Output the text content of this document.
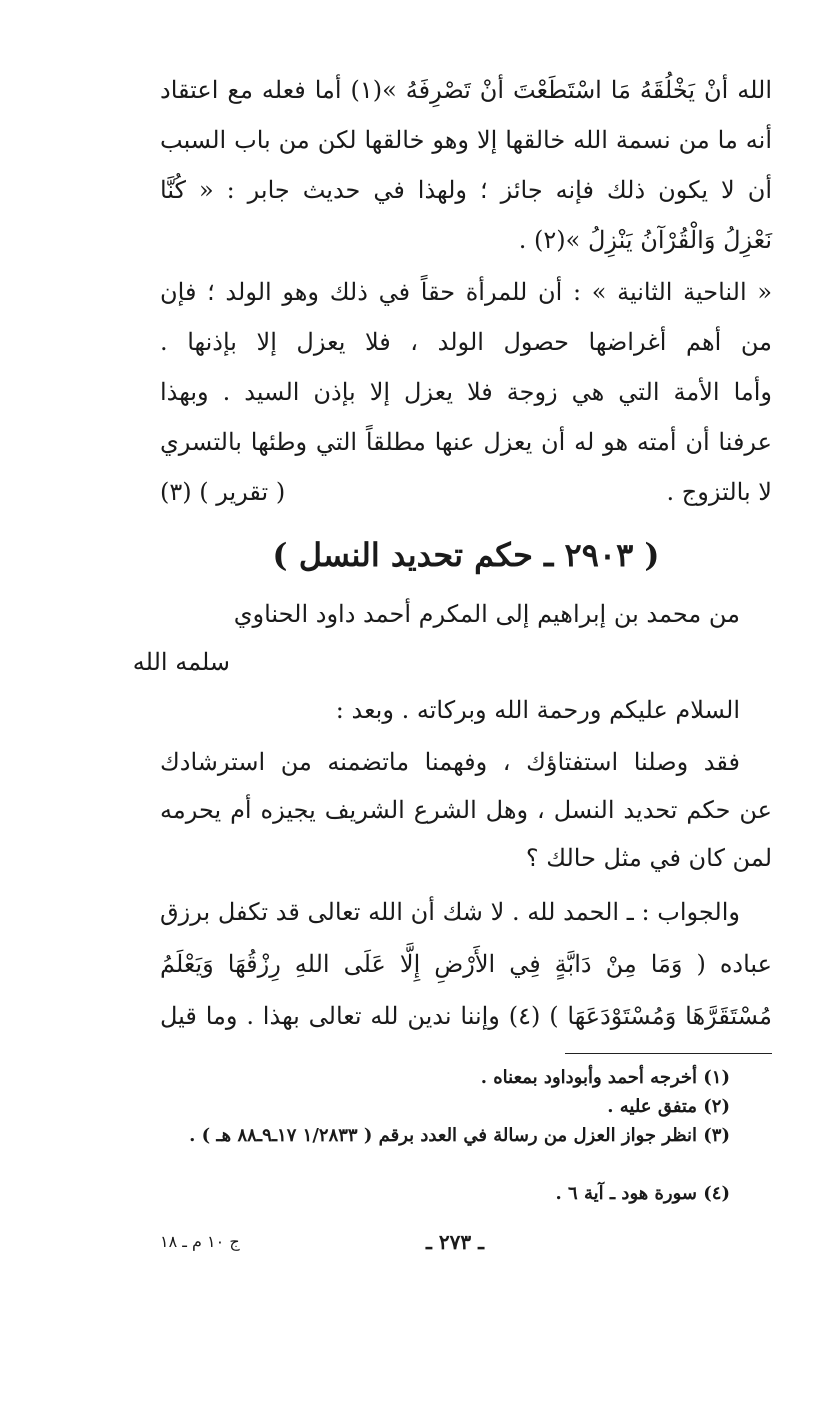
الله أنْ يَخْلُقَهُ مَا اسْتَطَعْتَ أنْ تَصْرِفَهُ »(١) أما فعله مع اعتقاد
أنه ما من نسمة الله خالقها إلا وهو خالقها لكن من باب السبب
أن لا يكون ذلك فإنه جائز ؛ ولهذا في حديث جابر : « كُنَّا
نَعْزِلُ وَالْقُرْآنُ يَنْزِلُ »(٢) .
« الناحية الثانية » : أن للمرأة حقاً في ذلك وهو الولد ؛ فإن
من أهم أغراضها حصول الولد ، فلا يعزل إلا بإذنها .
وأما الأمة التي هي زوجة فلا يعزل إلا بإذن السيد . وبهذا
عرفنا أن أمته هو له أن يعزل عنها مطلقاً التي وطئها بالتسري
لا بالتزوج .
( تقرير ) (٣)
( ٢٩٠٣ ـ حكم تحديد النسل )
من محمد بن إبراهيم إلى المكرم أحمد داود الحناوي
سلمه الله
السلام عليكم ورحمة الله وبركاته . وبعد :
فقد وصلنا استفتاؤك ، وفهمنا ماتضمنه من استرشادك
عن حكم تحديد النسل ، وهل الشرع الشريف يجيزه أم يحرمه
لمن كان في مثل حالك ؟
والجواب : ـ الحمد لله . لا شك أن الله تعالى قد تكفل برزق
عباده ( وَمَا مِنْ دَابَّةٍ فِي الأَرْضِ إِلَّا عَلَى اللهِ رِزْقُهَا وَيَعْلَمُ
مُسْتَقَرَّهَا وَمُسْتَوْدَعَهَا ) (٤) وإننا ندين لله تعالى بهذا . وما قيل
(١) أخرجه أحمد وأبوداود بمعناه .
(٢) متفق عليه .
(٣) انظر جواز العزل من رسالة في العدد برقم ( ١/٢٨٣٣ ١٧ـ٩ـ٨٨ هـ ) .
(٤) سورة هود ـ آية ٦ .
ـ ٢٧٣ ـ
ج ١٠ م ـ ١٨
